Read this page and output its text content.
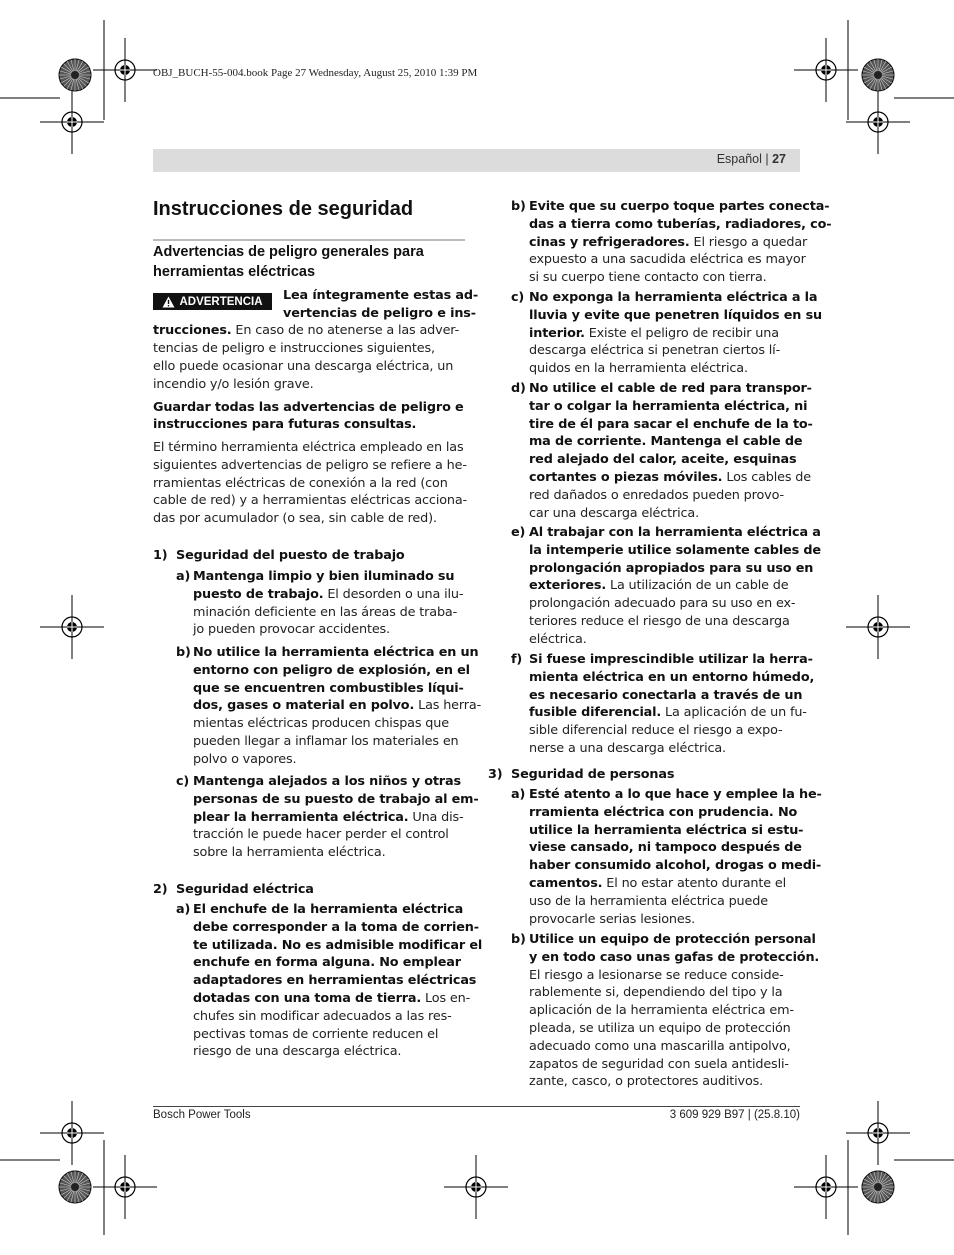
OBJ_BUCH-55-004.book Page 27 Wednesday, August 25, 2010 1:39 PM
Español | 27
Instrucciones de seguridad
Advertencias de peligro generales para herramientas eléctricas
ADVERTENCIA Lea íntegramente estas ad-
vertencias de peligro e ins-
trucciones. En caso de no atenerse a las adver-
tencias de peligro e instrucciones siguientes,
ello puede ocasionar una descarga eléctrica, un
incendio y/o lesión grave.
Guardar todas las advertencias de peligro e
instrucciones para futuras consultas.
El término herramienta eléctrica empleado en las
siguientes advertencias de peligro se refiere a he-
rramientas eléctricas de conexión a la red (con
cable de red) y a herramientas eléctricas acciona-
das por acumulador (o sea, sin cable de red).
1) Seguridad del puesto de trabajo
2) Seguridad eléctrica
3) Seguridad de personas
a) Mantenga limpio y bien iluminado su
puesto de trabajo. El desorden o una ilu-
minación deficiente en las áreas de traba-
jo pueden provocar accidentes.
b) No utilice la herramienta eléctrica en un
entorno con peligro de explosión, en el
que se encuentren combustibles líqui-
dos, gases o material en polvo. Las herra-
mientas eléctricas producen chispas que
pueden llegar a inflamar los materiales en
polvo o vapores.
c) Mantenga alejados a los niños y otras
personas de su puesto de trabajo al em-
plear la herramienta eléctrica. Una dis-
tracción le puede hacer perder el control
sobre la herramienta eléctrica.
a) El enchufe de la herramienta eléctrica
debe corresponder a la toma de corrien-
te utilizada. No es admisible modificar el
enchufe en forma alguna. No emplear
adaptadores en herramientas eléctricas
dotadas con una toma de tierra. Los en-
chufes sin modificar adecuados a las res-
pectivas tomas de corriente reducen el
riesgo de una descarga eléctrica.
b) Evite que su cuerpo toque partes conecta-
das a tierra como tuberías, radiadores, co-
cinas y refrigeradores. El riesgo a quedar
expuesto a una sacudida eléctrica es mayor
si su cuerpo tiene contacto con tierra.
c) No exponga la herramienta eléctrica a la
lluvia y evite que penetren líquidos en su
interior. Existe el peligro de recibir una
descarga eléctrica si penetran ciertos lí-
quidos en la herramienta eléctrica.
d) No utilice el cable de red para transpor-
tar o colgar la herramienta eléctrica, ni
tire de él para sacar el enchufe de la to-
ma de corriente. Mantenga el cable de
red alejado del calor, aceite, esquinas
cortantes o piezas móviles. Los cables de
red dañados o enredados pueden provo-
car una descarga eléctrica.
e) Al trabajar con la herramienta eléctrica a
la intemperie utilice solamente cables de
prolongación apropiados para su uso en
exteriores. La utilización de un cable de
prolongación adecuado para su uso en ex-
teriores reduce el riesgo de una descarga
eléctrica.
f) Si fuese imprescindible utilizar la herra-
mienta eléctrica en un entorno húmedo,
es necesario conectarla a través de un
fusible diferencial. La aplicación de un fu-
sible diferencial reduce el riesgo a expo-
nerse a una descarga eléctrica.
a) Esté atento a lo que hace y emplee la he-
rramienta eléctrica con prudencia. No
utilice la herramienta eléctrica si estu-
viese cansado, ni tampoco después de
haber consumido alcohol, drogas o medi-
camentos. El no estar atento durante el
uso de la herramienta eléctrica puede
provocarle serias lesiones.
b) Utilice un equipo de protección personal
y en todo caso unas gafas de protección.
El riesgo a lesionarse se reduce conside-
rablemente si, dependiendo del tipo y la
aplicación de la herramienta eléctrica em-
pleada, se utiliza un equipo de protección
adecuado como una mascarilla antipolvo,
zapatos de seguridad con suela antidesli-
zante, casco, o protectores auditivos.
Bosch Power Tools	3 609 929 B97 | (25.8.10)
